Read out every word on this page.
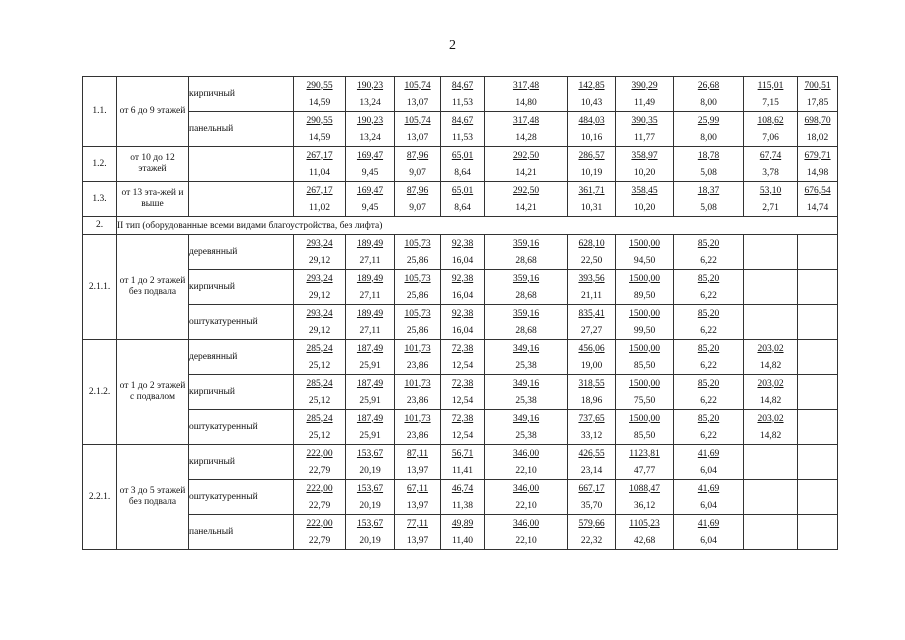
2
1.1.	от 6 до 9 этажей	кирпичный	290,55	190,23	105,74	84,67	317,48	142,85	390,29	26,68	115,01	700,51
			14,59	13,24	13,07	11,53	14,80	10,43	11,49	8,00	7,15	17,85
		панельный	290,55	190,23	105,74	84,67	317,48	484,03	390,35	25,99	108,62	698,70
			14,59	13,24	13,07	11,53	14,28	10,16	11,77	8,00	7,06	18,02
1.2.	от 10 до 12 этажей		267,17	169,47	87,96	65,01	292,50	286,57	358,97	18,78	67,74	679,71
			11,04	9,45	9,07	8,64	14,21	10,19	10,20	5,08	3,78	14,98
1.3.	от 13 эта-жей и выше		267,17	169,47	87,96	65,01	292,50	361,71	358,45	18,37	53,10	676,54
			11,02	9,45	9,07	8,64	14,21	10,31	10,20	5,08	2,71	14,74
2.	II тип (оборудованные всеми видами благоустройства, без лифта)											
2.1.1.	от 1 до 2 этажей без подвала	деревянный	293,24	189,49	105,73	92,38	359,16	628,10	1500,00	85,20		
			29,12	27,11	25,86	16,04	28,68	22,50	94,50	6,22		
		кирпичный	293,24	189,49	105,73	92,38	359,16	393,56	1500,00	85,20		
			29,12	27,11	25,86	16,04	28,68	21,11	89,50	6,22		
		оштукатуренный	293,24	189,49	105,73	92,38	359,16	835,41	1500,00	85,20		
			29,12	27,11	25,86	16,04	28,68	27,27	99,50	6,22		
2.1.2.	от 1 до 2 этажей с подвалом	деревянный	285,24	187,49	101,73	72,38	349,16	456,06	1500,00	85,20	203,02	
			25,12	25,91	23,86	12,54	25,38	19,00	85,50	6,22	14,82	
		кирпичный	285,24	187,49	101,73	72,38	349,16	318,55	1500,00	85,20	203,02	
			25,12	25,91	23,86	12,54	25,38	18,96	75,50	6,22	14,82	
		оштукатуренный	285,24	187,49	101,73	72,38	349,16	737,65	1500,00	85,20	203,02	
			25,12	25,91	23,86	12,54	25,38	33,12	85,50	6,22	14,82	
2.2.1.	от 3 до 5 этажей без подвала	кирпичный	222,00	153,67	87,11	56,71	346,00	426,55	1123,81	41,69		
			22,79	20,19	13,97	11,41	22,10	23,14	47,77	6,04		
		оштукатуренный	222,00	153,67	67,11	46,74	346,00	667,17	1088,47	41,69		
			22,79	20,19	13,97	11,38	22,10	35,70	36,12	6,04		
		панельный	222,00	153,67	77,11	49,89	346,00	579,66	1105,23	41,69		
			22,79	20,19	13,97	11,40	22,10	22,32	42,68	6,04		
